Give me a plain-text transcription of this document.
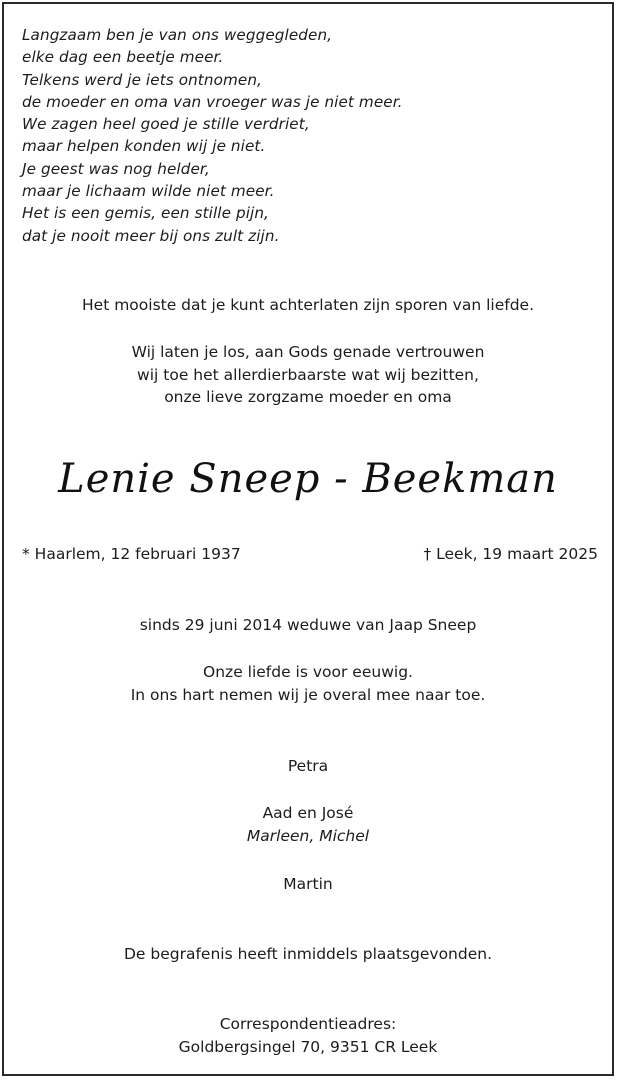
Langzaam ben je van ons weggegleden,
elke dag een beetje meer.
Telkens werd je iets ontnomen,
de moeder en oma van vroeger was je niet meer.
We zagen heel goed je stille verdriet,
maar helpen konden wij je niet.
Je geest was nog helder,
maar je lichaam wilde niet meer.
Het is een gemis, een stille pijn,
dat je nooit meer bij ons zult zijn.
Het mooiste dat je kunt achterlaten zijn sporen van liefde.
Wij laten je los, aan Gods genade vertrouwen
wij toe het allerdierbaarste wat wij bezitten,
onze lieve zorgzame moeder en oma
Lenie Sneep - Beekman
* Haarlem, 12 februari 1937	† Leek, 19 maart 2025
sinds 29 juni 2014 weduwe van Jaap Sneep
Onze liefde is voor eeuwig.
In ons hart nemen wij je overal mee naar toe.
Petra
Aad en José
Marleen, Michel
Martin
De begrafenis heeft inmiddels plaatsgevonden.
Correspondentieadres:
Goldbergsingel 70, 9351 CR Leek
